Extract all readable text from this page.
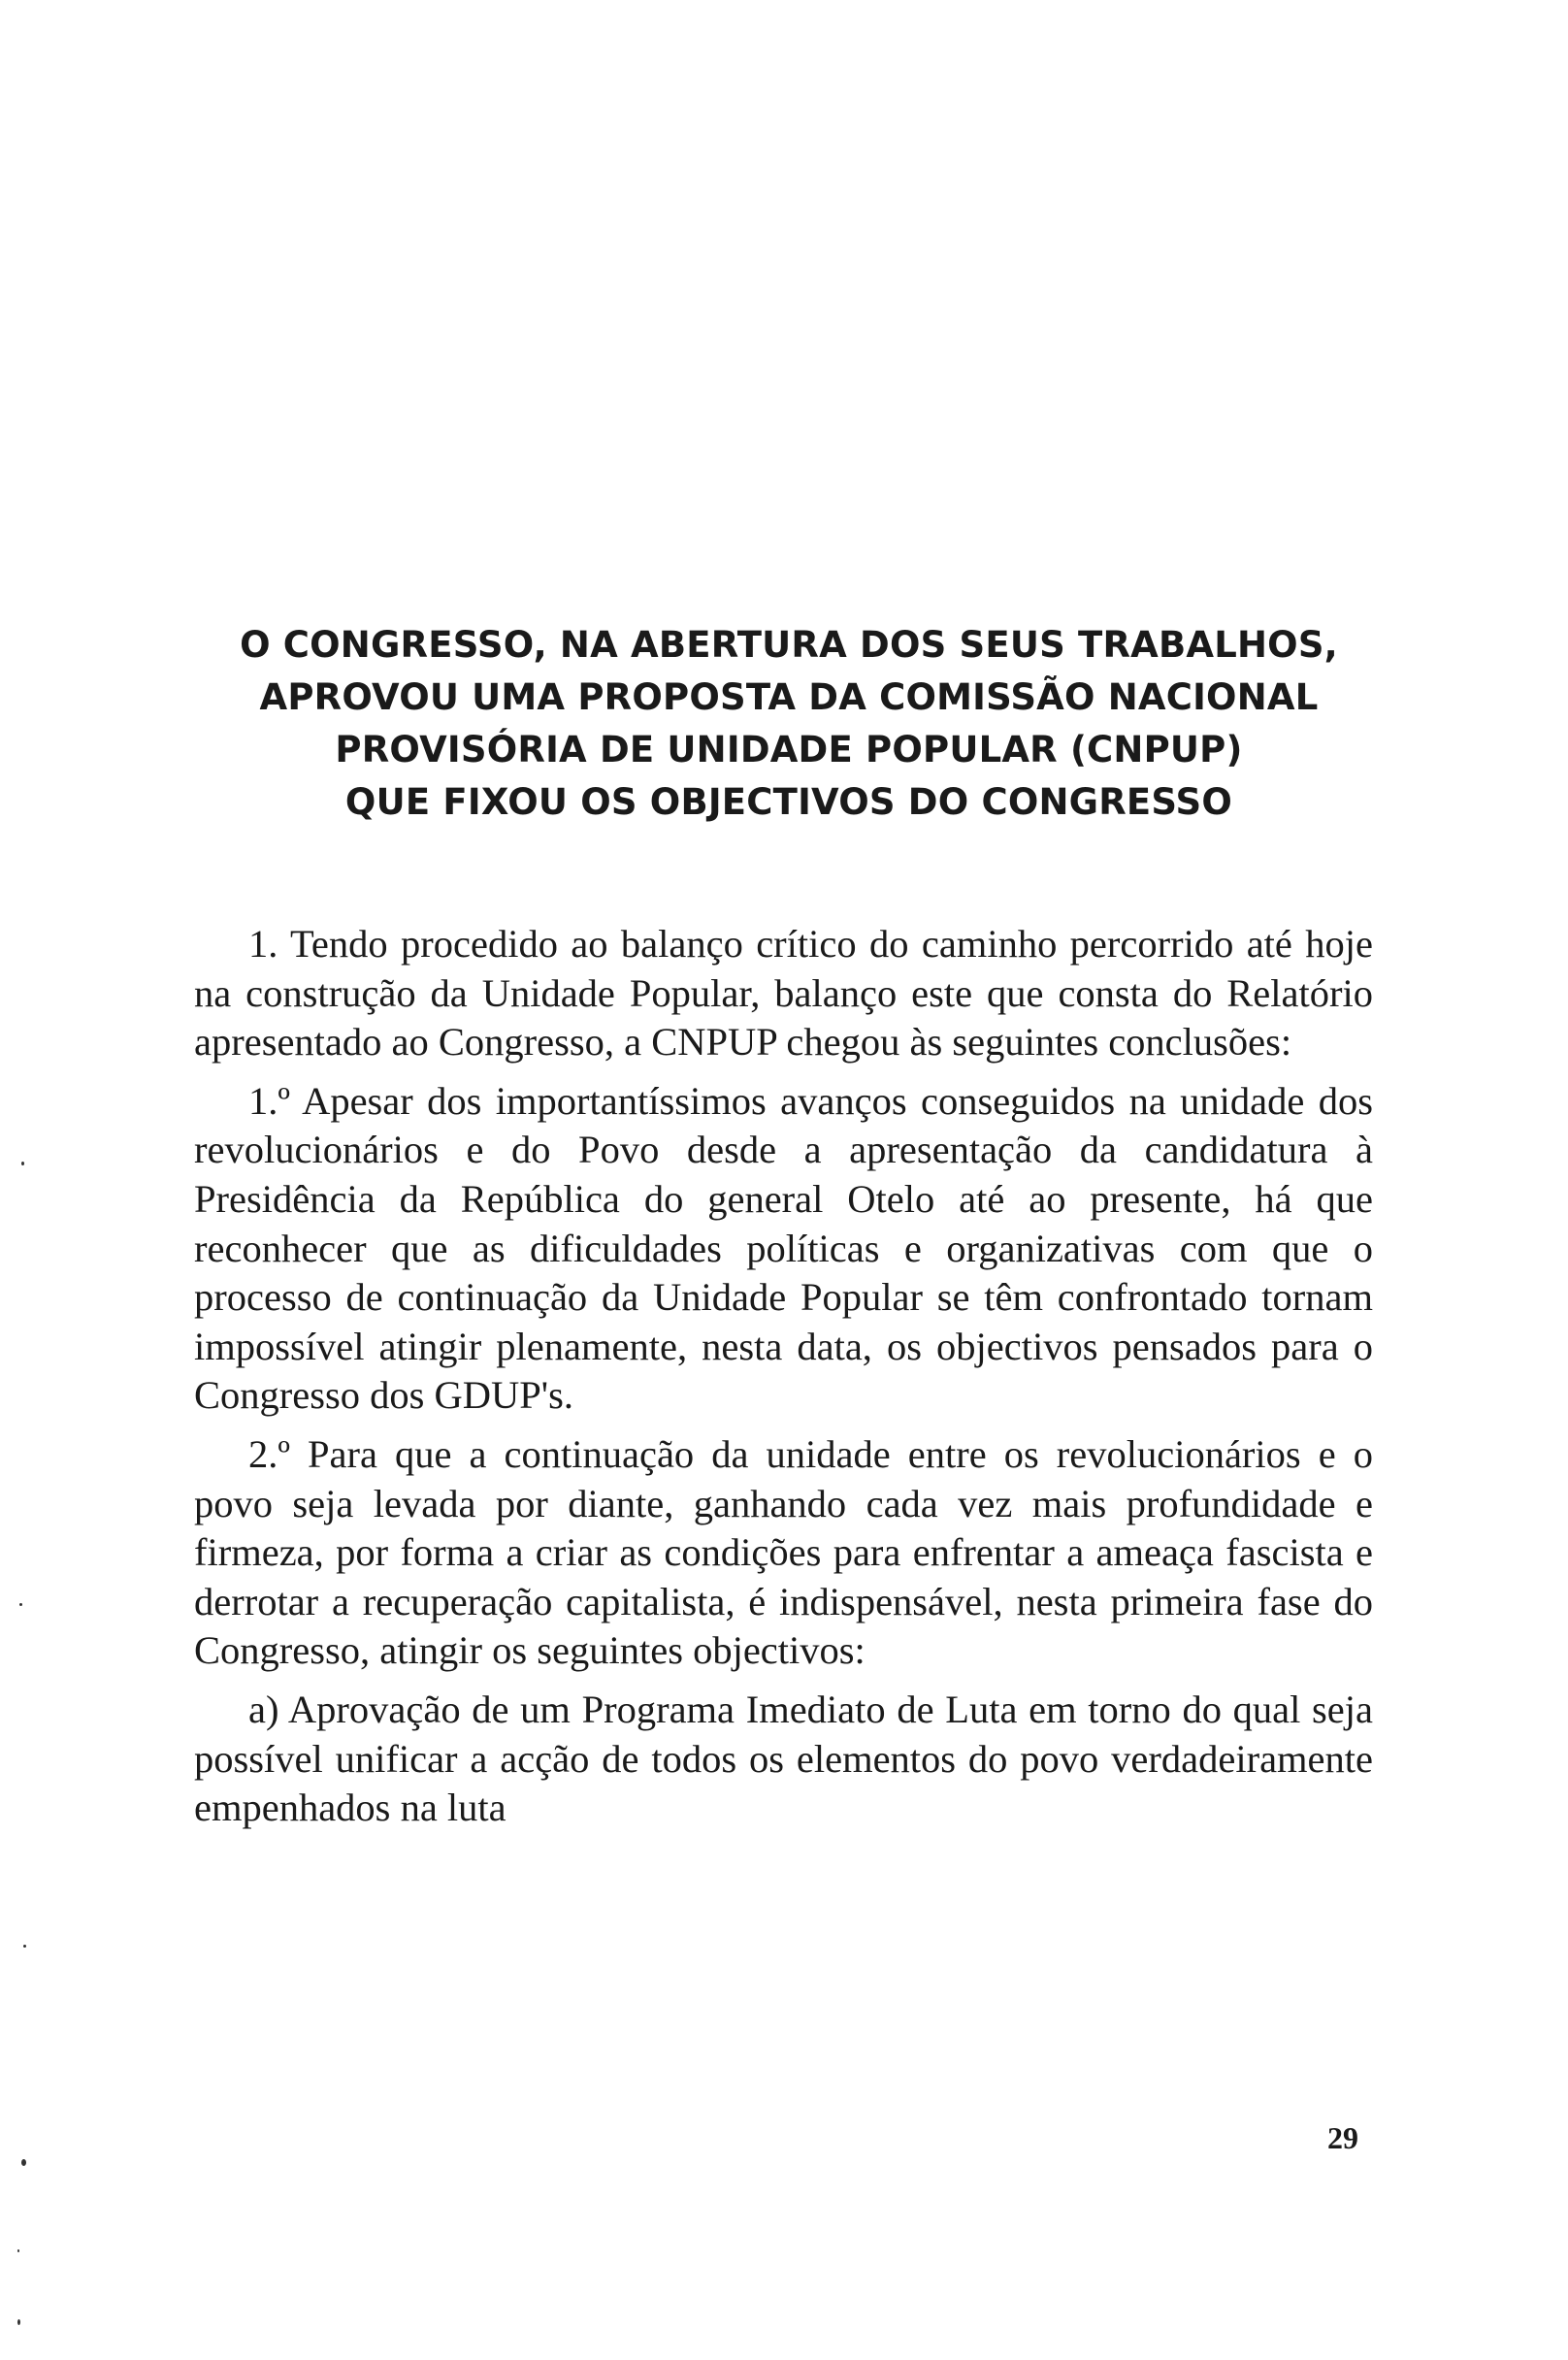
O CONGRESSO, NA ABERTURA DOS SEUS TRABALHOS,
APROVOU UMA PROPOSTA DA COMISSÃO NACIONAL
PROVISÓRIA DE UNIDADE POPULAR (CNPUP)
QUE FIXOU OS OBJECTIVOS DO CONGRESSO

1. Tendo procedido ao balanço crítico do caminho percorrido até hoje na construção da Unidade Popular, balanço este que consta do Relatório apresentado ao Congresso, a CNPUP chegou às seguintes conclusões:

1.º Apesar dos importantíssimos avanços conseguidos na unidade dos revolucionários e do Povo desde a apresentação da candidatura à Presidência da República do general Otelo até ao presente, há que reconhecer que as dificuldades políticas e organizativas com que o processo de continuação da Unidade Popular se têm confrontado tornam impossível atingir plenamente, nesta data, os objectivos pensados para o Congresso dos GDUP's.

2.º Para que a continuação da unidade entre os revolucionários e o povo seja levada por diante, ganhando cada vez mais profundidade e firmeza, por forma a criar as condições para enfrentar a ameaça fascista e derrotar a recuperação capitalista, é indispensável, nesta primeira fase do Congresso, atingir os seguintes objectivos:

a) Aprovação de um Programa Imediato de Luta em torno do qual seja possível unificar a acção de todos os elementos do povo verdadeiramente empenhados na luta

29
